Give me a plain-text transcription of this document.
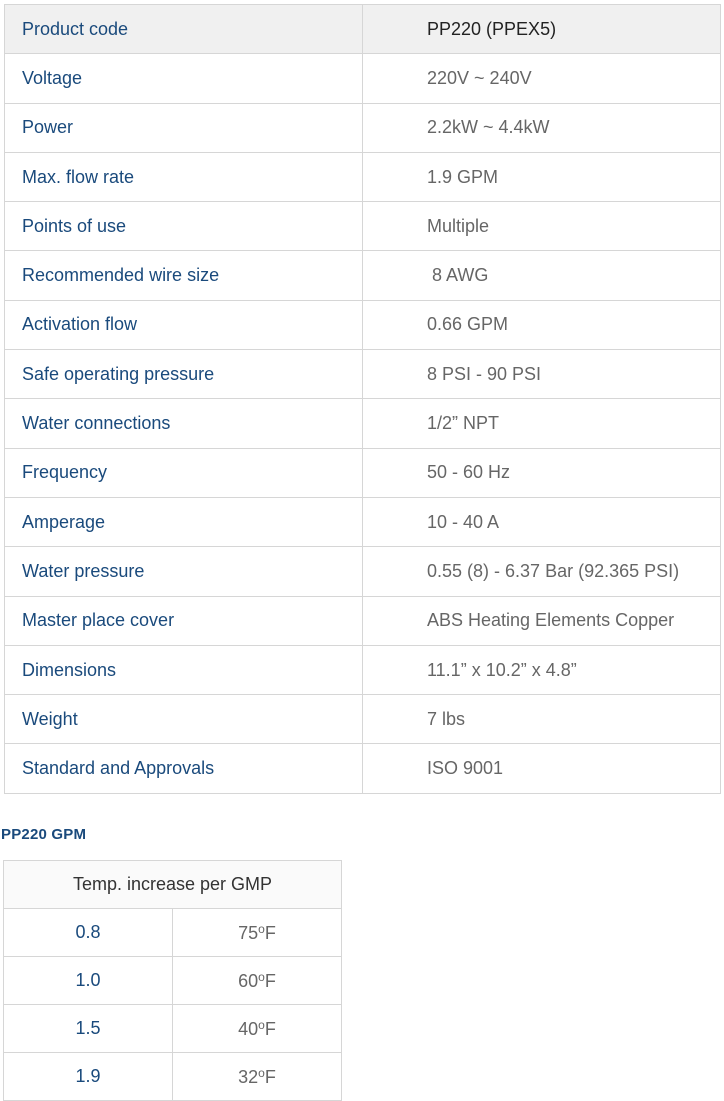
Product code	PP220 (PPEX5)
Voltage	220V ~ 240V
Power	2.2kW ~ 4.4kW
Max. flow rate	1.9 GPM
Points of use	Multiple
Recommended wire size	8 AWG
Activation flow	0.66 GPM
Safe operating pressure	8 PSI - 90 PSI
Water connections	1/2” NPT
Frequency	50 - 60 Hz
Amperage	10 - 40 A
Water pressure	0.55 (8) - 6.37 Bar (92.365 PSI)
Master place cover	ABS Heating Elements Copper
Dimensions	11.1” x 10.2” x 4.8”
Weight	7 lbs
Standard and Approvals	ISO 9001
PP220 GPM
Temp. increase per GMP	
0.8	75$^o$F
1.0	60$^o$F
1.5	40$^o$F
1.9	32$^o$F
